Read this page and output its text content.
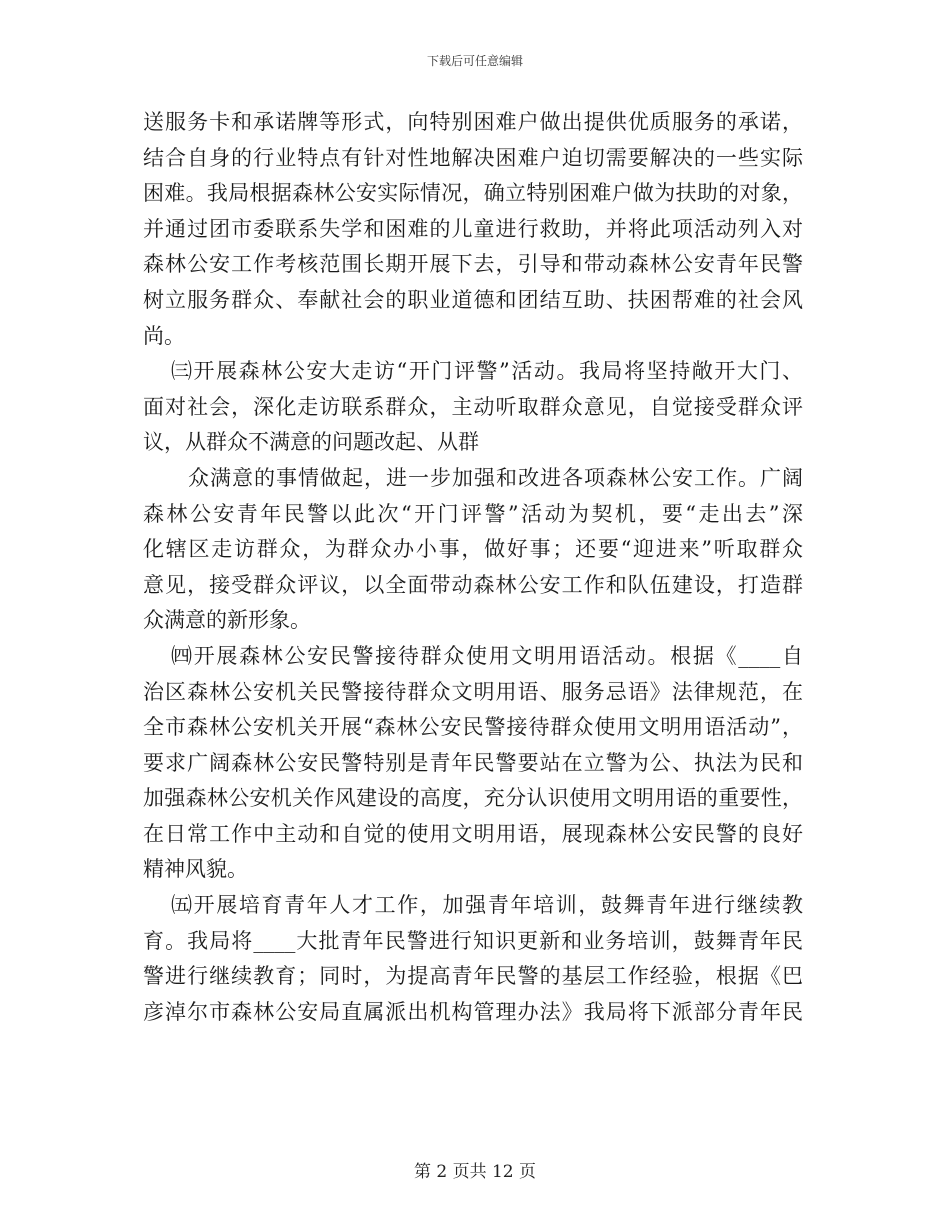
下载后可任意编辑
送服务卡和承诺牌等形式，向特别困难户做出提供优质服务的承诺，
结合自身的行业特点有针对性地解决困难户迫切需要解决的一些实际
困难。我局根据森林公安实际情况，确立特别困难户做为扶助的对象，
并通过团市委联系失学和困难的儿童进行救助，并将此项活动列入对
森林公安工作考核范围长期开展下去，引导和带动森林公安青年民警
树立服务群众、奉献社会的职业道德和团结互助、扶困帮难的社会风
尚。
㈢开展森林公安大走访“开门评警”活动。我局将坚持敞开大门、
面对社会，深化走访联系群众，主动听取群众意见，自觉接受群众评
议，从群众不满意的问题改起、从群
众满意的事情做起，进一步加强和改进各项森林公安工作。广阔
森林公安青年民警以此次“开门评警”活动为契机，要“走出去”深
化辖区走访群众，为群众办小事，做好事；还要“迎进来”听取群众
意见，接受群众评议，以全面带动森林公安工作和队伍建设，打造群
众满意的新形象。
㈣开展森林公安民警接待群众使用文明用语活动。根据《____自
治区森林公安机关民警接待群众文明用语、服务忌语》法律规范，在
全市森林公安机关开展“森林公安民警接待群众使用文明用语活动”，
要求广阔森林公安民警特别是青年民警要站在立警为公、执法为民和
加强森林公安机关作风建设的高度，充分认识使用文明用语的重要性，
在日常工作中主动和自觉的使用文明用语，展现森林公安民警的良好
精神风貌。
㈤开展培育青年人才工作，加强青年培训，鼓舞青年进行继续教
育。我局将____大批青年民警进行知识更新和业务培训，鼓舞青年民
警进行继续教育；同时，为提高青年民警的基层工作经验，根据《巴
彦淖尔市森林公安局直属派出机构管理办法》我局将下派部分青年民
第 2 页共 12 页
